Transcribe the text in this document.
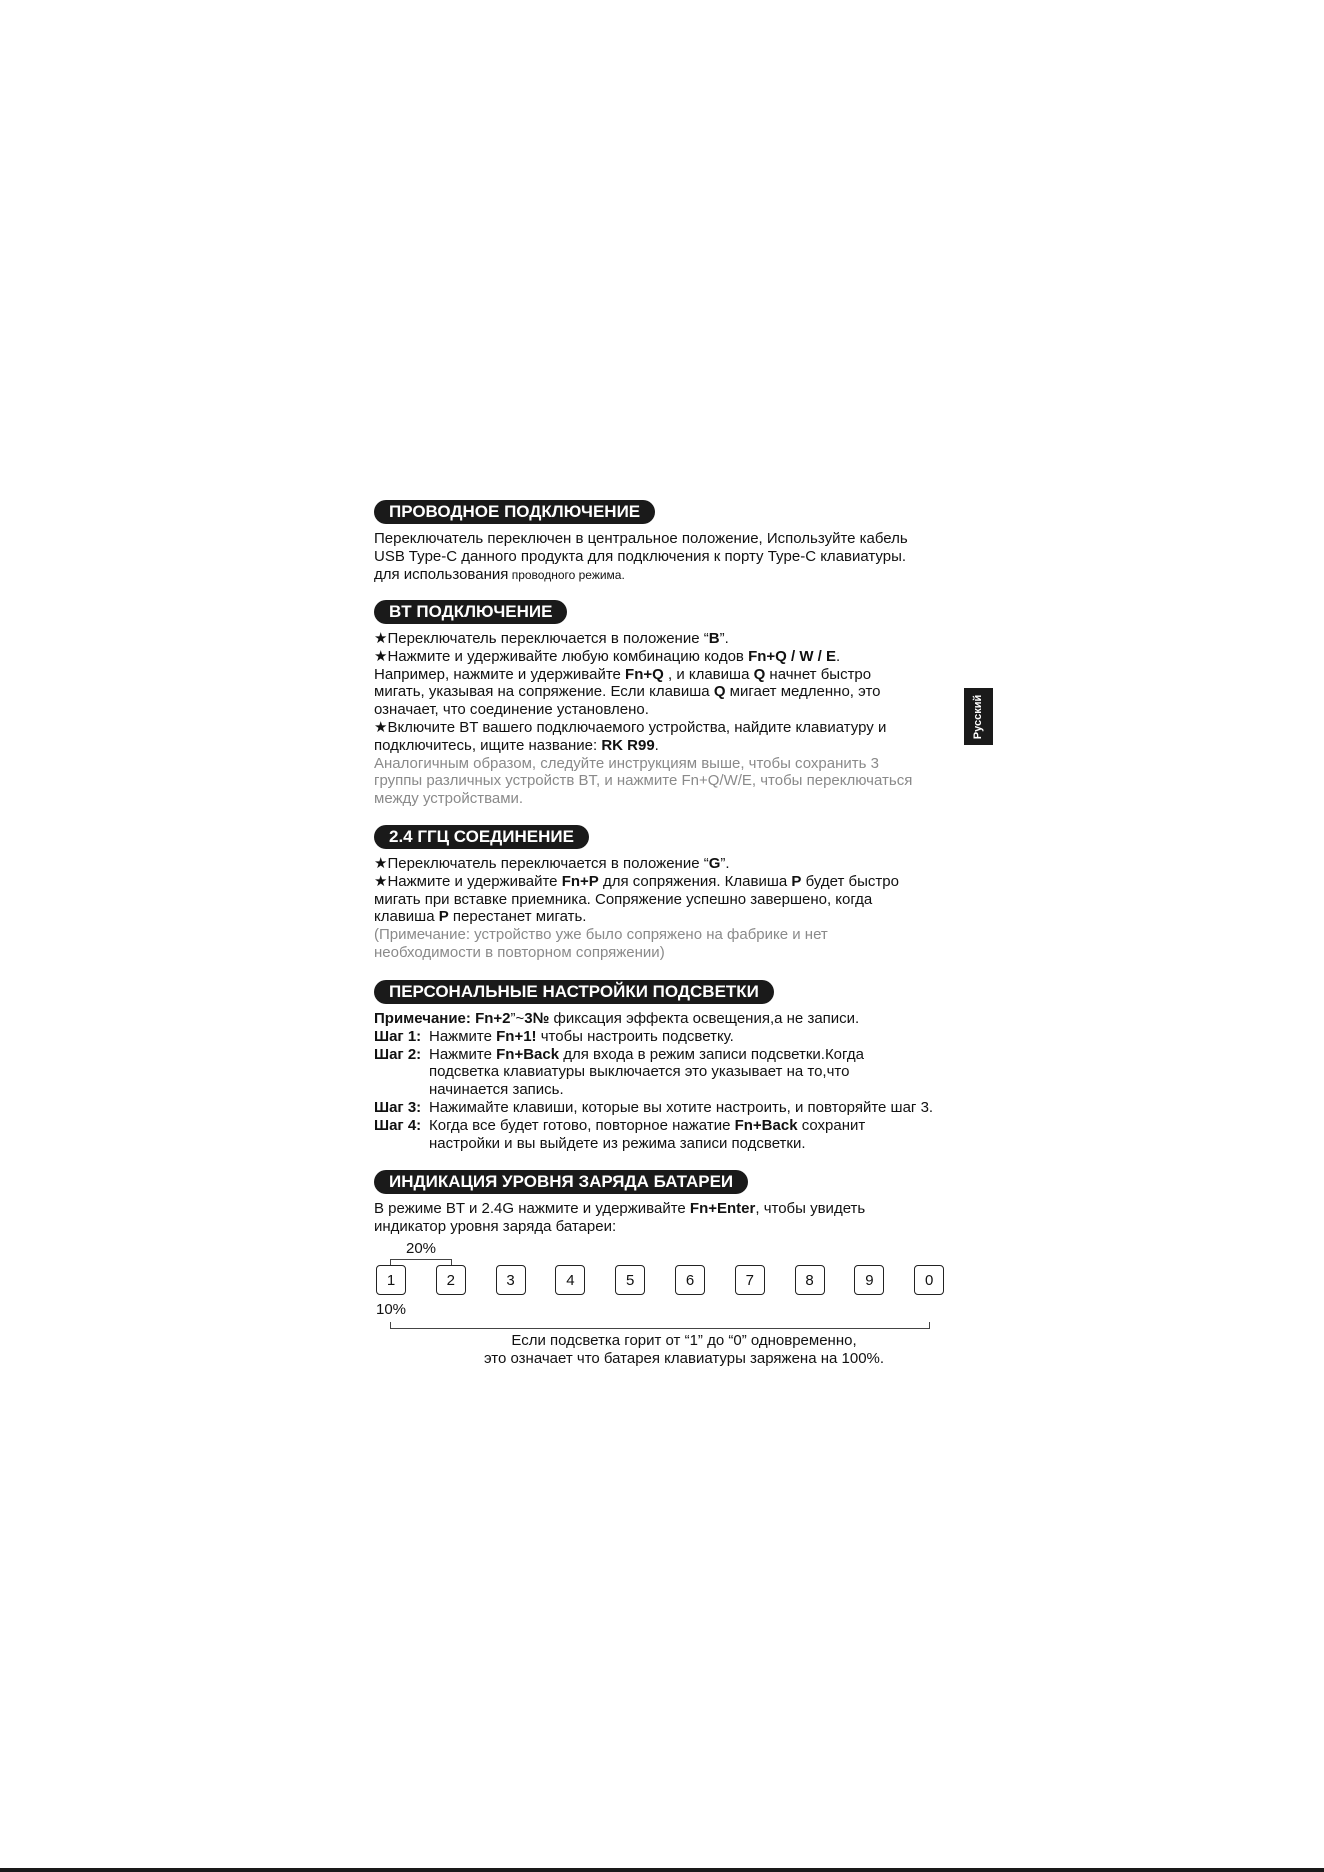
Русский
ПРОВОДНОЕ ПОДКЛЮЧЕНИЕ
Переключатель переключен в центральное положение, Используйте кабель
USB Type-C данного продукта для подключения к порту Type-C клавиатуры.
для использования проводного режима.
BT ПОДКЛЮЧЕНИЕ
★Переключатель переключается в положение “B”.
★Нажмите и удерживайте любую комбинацию кодов Fn+Q / W / E.
Например, нажмите и удерживайте Fn+Q , и клавиша Q начнет быстро
мигать, указывая на сопряжение. Если клавиша Q мигает медленно, это
означает, что соединение установлено.
★Включите BT вашего подключаемого устройства, найдите клавиатуру и
подключитесь, ищите название: RK R99.
Аналогичным образом, следуйте инструкциям выше, чтобы сохранить 3
группы различных устройств BT, и нажмите Fn+Q/W/E, чтобы переключаться
между устройствами.
2.4 ГГЦ СОЕДИНЕНИЕ
★Переключатель переключается в положение “G”.
★Нажмите и удерживайте Fn+P для сопряжения. Клавиша P будет быстро
мигать при вставке приемника. Сопряжение успешно завершено, когда
клавиша P перестанет мигать.
(Примечание: устройство уже было сопряжено на фабрике и нет
необходимости в повторном сопряжении)
ПЕРСОНАЛЬНЫЕ НАСТРОЙКИ ПОДСВЕТКИ
Примечание: Fn+2”~3№ фиксация эффекта освещения,а не записи.
Шаг 1: Нажмите Fn+1! чтобы настроить подсветку.
Шаг 2: Нажмите Fn+Back для входа в режим записи подсветки.Когда
подсветка клавиатуры выключается это указывает на то,что
начинается запись.
Шаг 3: Нажимайте клавиши, которые вы хотите настроить, и повторяйте шаг 3.
Шаг 4: Когда все будет готово, повторное нажатие Fn+Back сохранит
настройки и вы выйдете из режима записи подсветки.
ИНДИКАЦИЯ УРОВНЯ ЗАРЯДА БАТАРЕИ
В режиме BT и 2.4G нажмите и удерживайте Fn+Enter, чтобы увидеть
индикатор уровня заряда батареи:
20%
1	2	3	4	5	6	7	8	9	0
10%
Если подсветка горит от “1” до “0” одновременно,
это означает что батарея клавиатуры заряжена на 100%.
